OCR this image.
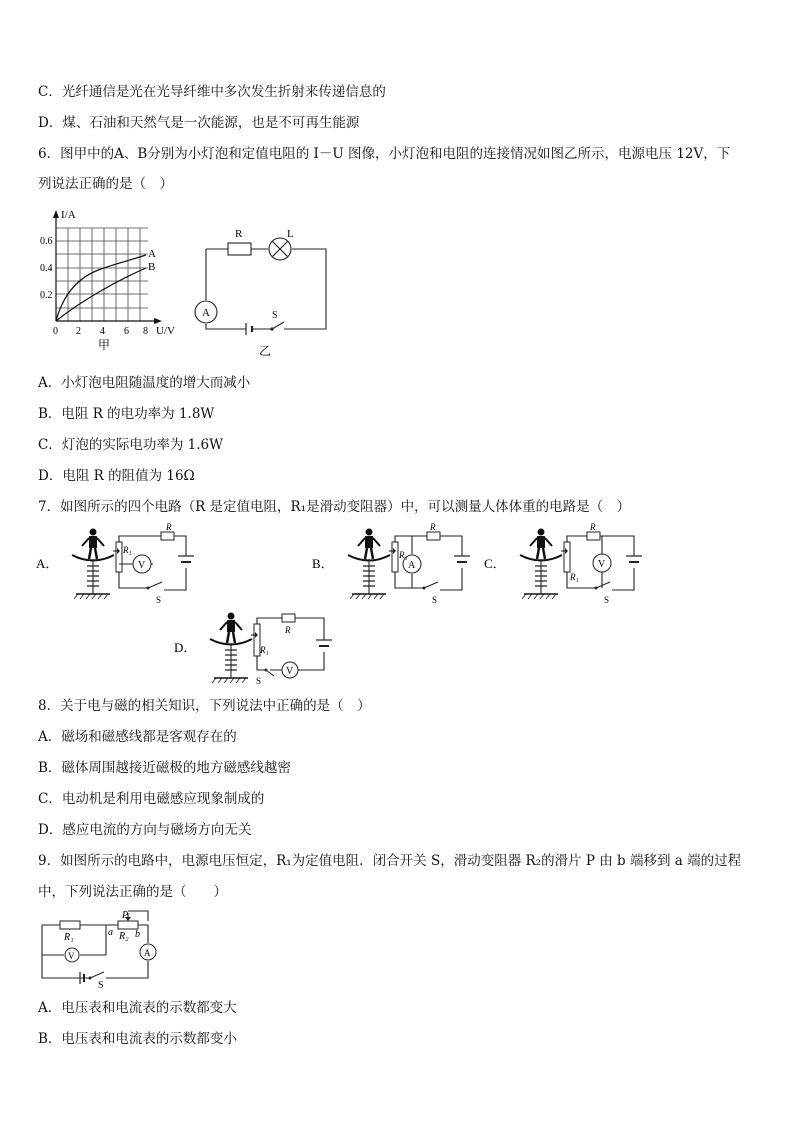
C．光纤通信是光在光导纤维中多次发生折射来传递信息的
D．煤、石油和天然气是一次能源，也是不可再生能源
6．图甲中的A、B分别为小灯泡和定值电阻的 I－U 图像，小灯泡和电阻的连接情况如图乙所示，电源电压 12V，下
列说法正确的是（　）
I/A
U/V
0.6
0.4
0.2
0 2 4 6 8
A
B
甲
R	L
A	S
乙
A．小灯泡电阻随温度的增大而减小
B．电阻 R 的电功率为 1.8W
C．灯泡的实际电功率为 1.6W
D．电阻 R 的阻值为 16Ω
7．如图所示的四个电路（R 是定值电阻，R₁是滑动变阻器）中，可以测量人体体重的电路是（　）
A．
R₁
R
V
S
B．
R₁
R
A
S
C．
R₁
R
V
S
D．	R₁
R
V
S
8．关于电与磁的相关知识，下列说法中正确的是（　）
A．磁场和磁感线都是客观存在的
B．磁体周围越接近磁极的地方磁感线越密
C．电动机是利用电磁感应现象制成的
D．感应电流的方向与磁场方向无关
9．如图所示的电路中，电源电压恒定，R₁为定值电阻．闭合开关 S，滑动变阻器 R₂的滑片 P 由 b 端移到 a 端的过程
中，下列说法正确的是（　　）
R₁	R₂
a b
P
V	A
S
A．电压表和电流表的示数都变大
B．电压表和电流表的示数都变小
